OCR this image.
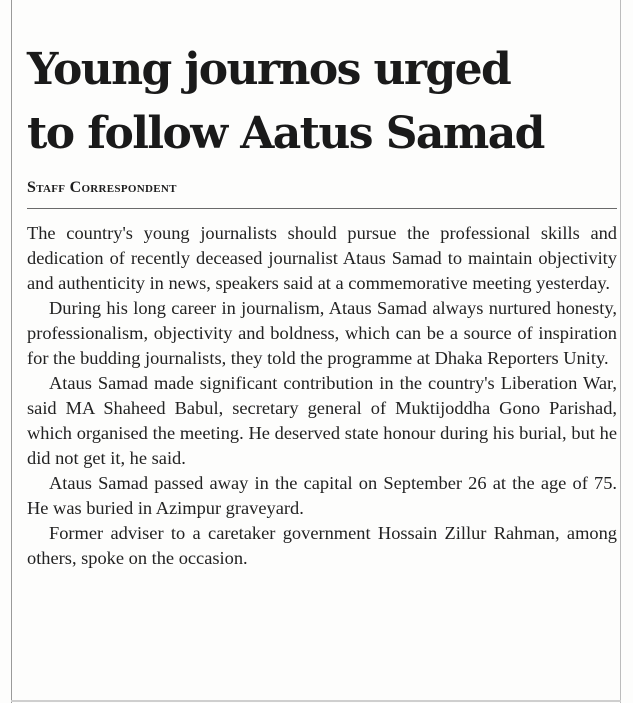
Young journos urged
to follow Aatus Samad
Staff Correspondent

The country's young journalists should pursue the professional skills and dedication of recently deceased journalist Ataus Samad to maintain objectivity and authenticity in news, speakers said at a commemorative meeting yesterday.

During his long career in journalism, Ataus Samad always nurtured honesty, professionalism, objectivity and boldness, which can be a source of inspiration for the budding journalists, they told the programme at Dhaka Reporters Unity.

Ataus Samad made significant contribution in the country's Liberation War, said MA Shaheed Babul, secretary general of Muktijoddha Gono Parishad, which organised the meeting. He deserved state honour during his burial, but he did not get it, he said.

Ataus Samad passed away in the capital on September 26 at the age of 75. He was buried in Azimpur graveyard.

Former adviser to a caretaker government Hossain Zillur Rahman, among others, spoke on the occasion.
